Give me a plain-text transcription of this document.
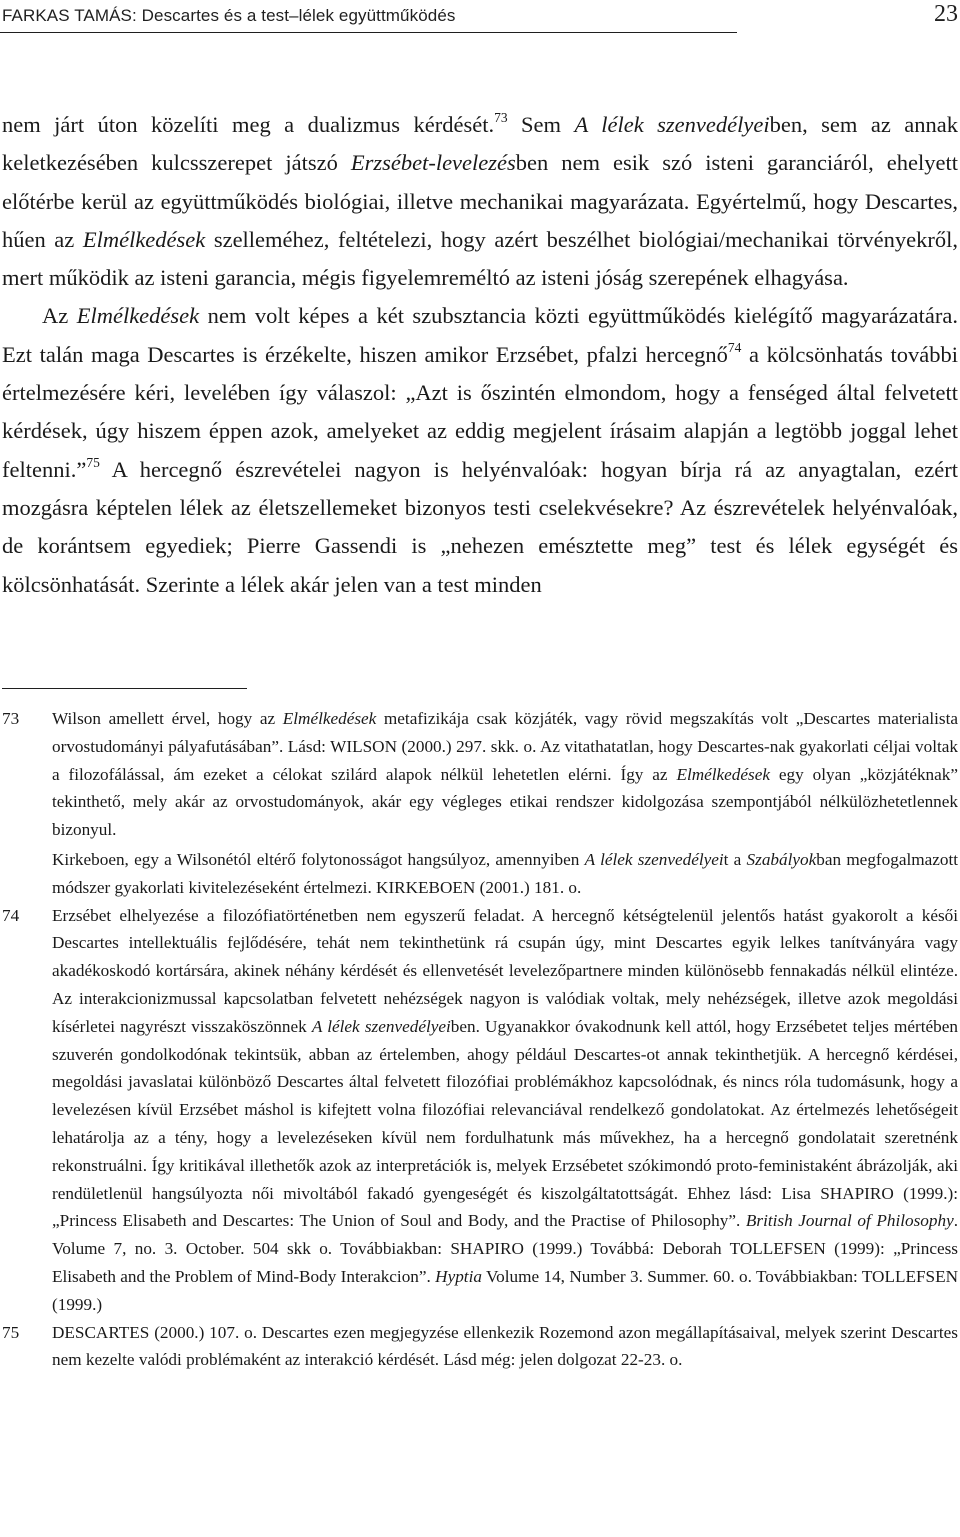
FARKAS TAMÁS: Descartes és a test–lélek együttműködés	23

nem járt úton közelíti meg a dualizmus kérdését.$^{73}$ Sem A lélek szenvedélyeiben, sem az annak keletkezésében kulcsszerepet játszó Erzsébet-levelezésben nem esik szó isteni garanciáról, ehelyett előtérbe kerül az együttműködés biológiai, illetve mechanikai magyarázata. Egyértelmű, hogy Descartes, hűen az Elmélkedések szelleméhez, feltételezi, hogy azért beszélhet biológiai/mechanikai törvényekről, mert működik az isteni garancia, mégis figyelemreméltó az isteni jóság szerepének elhagyása.

Az Elmélkedések nem volt képes a két szubsztancia közti együttműködés kielégítő magyarázatára. Ezt talán maga Descartes is érzékelte, hiszen amikor Erzsébet, pfalzi hercegnő$^{74}$ a kölcsönhatás további értelmezésére kéri, levelében így válaszol: „Azt is őszintén elmondom, hogy a fenséged által felvetett kérdések, úgy hiszem éppen azok, amelyeket az eddig megjelent írásaim alapján a legtöbb joggal lehet feltenni.”$^{75}$ A hercegnő észrevételei nagyon is helyénvalóak: hogyan bírja rá az anyagtalan, ezért mozgásra képtelen lélek az életszellemeket bizonyos testi cselekvésekre? Az észrevételek helyénvalóak, de korántsem egyediek; Pierre Gassendi is „nehezen emésztette meg” test és lélek egységét és kölcsönhatását. Szerinte a lélek akár jelen van a test minden

73	Wilson amellett érvel, hogy az Elmélkedések metafizikája csak közjáték, vagy rövid megszakítás volt „Descartes materialista orvostudományi pályafutásában”. Lásd: WILSON (2000.) 297. skk. o. Az vitathatatlan, hogy Descartes-nak gyakorlati céljai voltak a filozofálással, ám ezeket a célokat szilárd alapok nélkül lehetetlen elérni. Így az Elmélkedések egy olyan „közjátéknak” tekinthető, mely akár az orvostudományok, akár egy végleges etikai rendszer kidolgozása szempontjából nélkülözhetetlennek bizonyul.

Kirkeboen, egy a Wilsonétól eltérő folytonosságot hangsúlyoz, amennyiben A lélek szenvedélyeit a Szabályokban megfogalmazott módszer gyakorlati kivitelezéseként értelmezi. KIRKEBOEN (2001.) 181. o.

74	Erzsébet elhelyezése a filozófiatörténetben nem egyszerű feladat. A hercegnő kétségtelenül jelentős hatást gyakorolt a késői Descartes intellektuális fejlődésére, tehát nem tekinthetünk rá csupán úgy, mint Descartes egyik lelkes tanítványára vagy akadékoskodó kortársára, akinek néhány kérdését és ellenvetését levelezőpartnere minden különösebb fennakadás nélkül elintéze. Az interakcionizmussal kapcsolatban felvetett nehézségek nagyon is valódiak voltak, mely nehézségek, illetve azok megoldási kísérletei nagyrészt visszaköszönnek A lélek szenvedélyeiben. Ugyanakkor óvakodnunk kell attól, hogy Erzsébetet teljes mértében szuverén gondolkodónak tekintsük, abban az értelemben, ahogy például Descartes-ot annak tekinthetjük. A hercegnő kérdései, megoldási javaslatai különböző Descartes által felvetett filozófiai problémákhoz kapcsolódnak, és nincs róla tudomásunk, hogy a levelezésen kívül Erzsébet máshol is kifejtett volna filozófiai relevanciával rendelkező gondolatokat. Az értelmezés lehetőségeit lehatárolja az a tény, hogy a levelezéseken kívül nem fordulhatunk más művekhez, ha a hercegnő gondolatait szeretnénk rekonstruálni. Így kritikával illethetők azok az interpretációk is, melyek Erzsébetet szókimondó proto-feministaként ábrázolják, aki rendületlenül hangsúlyozta női mivoltából fakadó gyengeségét és kiszolgáltatottságát. Ehhez lásd: Lisa SHAPIRO (1999.): „Princess Elisabeth and Descartes: The Union of Soul and Body, and the Practise of Philosophy”. British Journal of Philosophy. Volume 7, no. 3. October. 504 skk o. Továbbiakban: SHAPIRO (1999.) Továbbá: Deborah TOLLEFSEN (1999): „Princess Elisabeth and the Problem of Mind-Body Interakcion”. Hyptia Volume 14, Number 3. Summer. 60. o. Továbbiakban: TOLLEFSEN (1999.)

75	DESCARTES (2000.) 107. o. Descartes ezen megjegyzése ellenkezik Rozemond azon megállapításaival, melyek szerint Descartes nem kezelte valódi problémaként az interakció kérdését. Lásd még: jelen dolgozat 22-23. o.
